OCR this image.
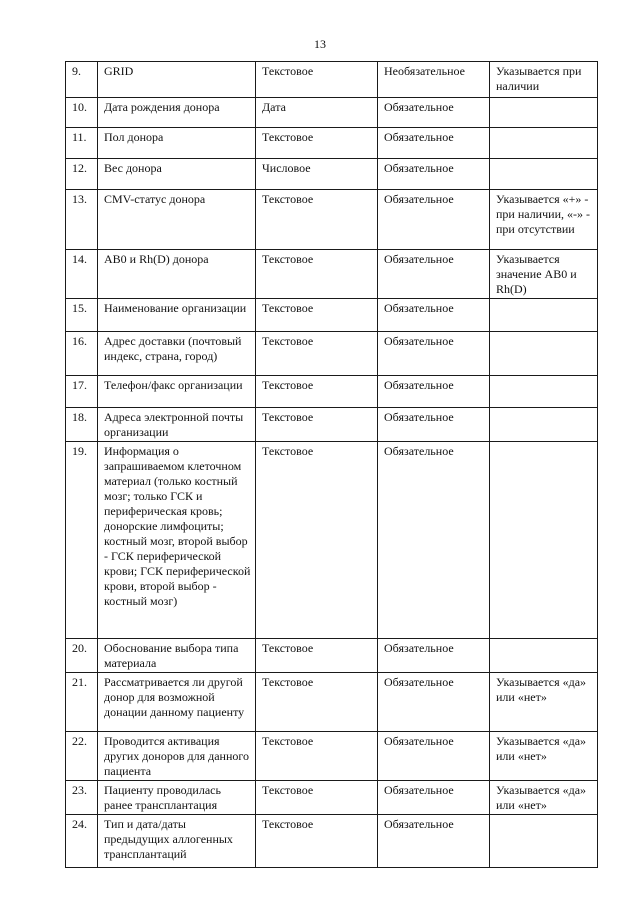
13
9.	GRID	Текстовое	Необязательное	Указывается при наличии
10.	Дата рождения донора	Дата	Обязательное	
11.	Пол донора	Текстовое	Обязательное	
12.	Вес донора	Числовое	Обязательное	
13.	CMV-статус донора	Текстовое	Обязательное	Указывается «+» - при наличии, «-» - при отсутствии
14.	AB0 и Rh(D) донора	Текстовое	Обязательное	Указывается значение AB0 и Rh(D)
15.	Наименование организации	Текстовое	Обязательное	
16.	Адрес доставки (почтовый индекс, страна, город)	Текстовое	Обязательное	
17.	Телефон/факс организации	Текстовое	Обязательное	
18.	Адреса электронной почты организации	Текстовое	Обязательное	
19.	Информация о запрашиваемом клеточном материал (только костный мозг; только ГСК и периферическая кровь; донорские лимфоциты; костный мозг, второй выбор - ГСК периферической крови; ГСК периферической крови, второй выбор - костный мозг)	Текстовое	Обязательное	
20.	Обоснование выбора типа материала	Текстовое	Обязательное	
21.	Рассматривается ли другой донор для возможной донации данному пациенту	Текстовое	Обязательное	Указывается «да» или «нет»
22.	Проводится активация других доноров для данного пациента	Текстовое	Обязательное	Указывается «да» или «нет»
23.	Пациенту проводилась ранее трансплантация	Текстовое	Обязательное	Указывается «да» или «нет»
24.	Тип и дата/даты предыдущих аллогенных трансплантаций	Текстовое	Обязательное	
